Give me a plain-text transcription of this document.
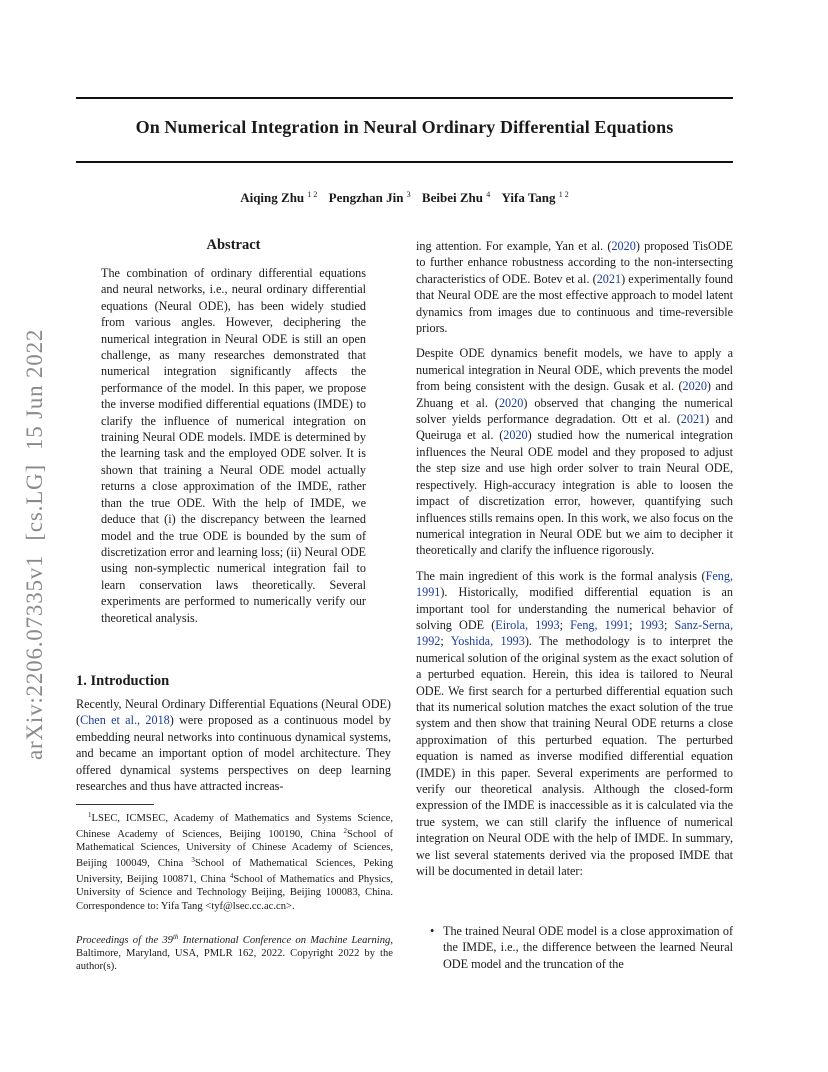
On Numerical Integration in Neural Ordinary Differential Equations
Aiqing Zhu $^{1 2}$ Pengzhan Jin $^3$ Beibei Zhu $^4$ Yifa Tang $^{1 2}$
arXiv:2206.07335v1[cs.LG]15 Jun 2022
Abstract

The combination of ordinary differential equations and neural networks, i.e., neural ordinary differential equations (Neural ODE), has been widely studied from various angles. However, deciphering the numerical integration in Neural ODE is still an open challenge, as many researches demonstrated that numerical integration significantly affects the performance of the model. In this paper, we propose the inverse modified differential equations (IMDE) to clarify the influence of numerical integration on training Neural ODE models. IMDE is determined by the learning task and the employed ODE solver. It is shown that training a Neural ODE model actually returns a close approximation of the IMDE, rather than the true ODE. With the help of IMDE, we deduce that (i) the discrepancy between the learned model and the true ODE is bounded by the sum of discretization error and learning loss; (ii) Neural ODE using non-symplectic numerical integration fail to learn conservation laws theoretically. Several experiments are performed to numerically verify our theoretical analysis.

1. Introduction

Recently, Neural Ordinary Differential Equations (Neural ODE) (Chen et al., 2018) were proposed as a continuous model by embedding neural networks into continuous dynamical systems, and became an important option of model architecture. They offered dynamical systems perspectives on deep learning researches and thus have attracted increas-

$^1$LSEC, ICMSEC, Academy of Mathematics and Systems Science, Chinese Academy of Sciences, Beijing 100190, China $^2$School of Mathematical Sciences, University of Chinese Academy of Sciences, Beijing 100049, China $^3$School of Mathematical Sciences, Peking University, Beijing 100871, China $^4$School of Mathematics and Physics, University of Science and Technology Beijing, Beijing 100083, China. Correspondence to: Yifa Tang <tyf@lsec.cc.ac.cn>.

Proceedings of the 39th International Conference on Machine Learning, Baltimore, Maryland, USA, PMLR 162, 2022. Copyright 2022 by the author(s).

ing attention. For example, Yan et al. (2020) proposed TisODE to further enhance robustness according to the non-intersecting characteristics of ODE. Botev et al. (2021) experimentally found that Neural ODE are the most effective approach to model latent dynamics from images due to continuous and time-reversible priors.

Despite ODE dynamics benefit models, we have to apply a numerical integration in Neural ODE, which prevents the model from being consistent with the design. Gusak et al. (2020) and Zhuang et al. (2020) observed that changing the numerical solver yields performance degradation. Ott et al. (2021) and Queiruga et al. (2020) studied how the numerical integration influences the Neural ODE model and they proposed to adjust the step size and use high order solver to train Neural ODE, respectively. High-accuracy integration is able to loosen the impact of discretization error, however, quantifying such influences stills remains open. In this work, we also focus on the numerical integration in Neural ODE but we aim to decipher it theoretically and clarify the influence rigorously.

The main ingredient of this work is the formal analysis (Feng, 1991). Historically, modified differential equation is an important tool for understanding the numerical behavior of solving ODE (Eirola, 1993; Feng, 1991; 1993; Sanz-Serna, 1992; Yoshida, 1993). The methodology is to interpret the numerical solution of the original system as the exact solution of a perturbed equation. Herein, this idea is tailored to Neural ODE. We first search for a perturbed differential equation such that its numerical solution matches the exact solution of the true system and then show that training Neural ODE returns a close approximation of this perturbed equation. The perturbed equation is named as inverse modified differential equation (IMDE) in this paper. Several experiments are performed to verify our theoretical analysis. Although the closed-form expression of the IMDE is inaccessible as it is calculated via the true system, we can still clarify the influence of numerical integration on Neural ODE with the help of IMDE. In summary, we list several statements derived via the proposed IMDE that will be documented in detail later:

• The trained Neural ODE model is a close approximation of the IMDE, i.e., the difference between the learned Neural ODE model and the truncation of the
